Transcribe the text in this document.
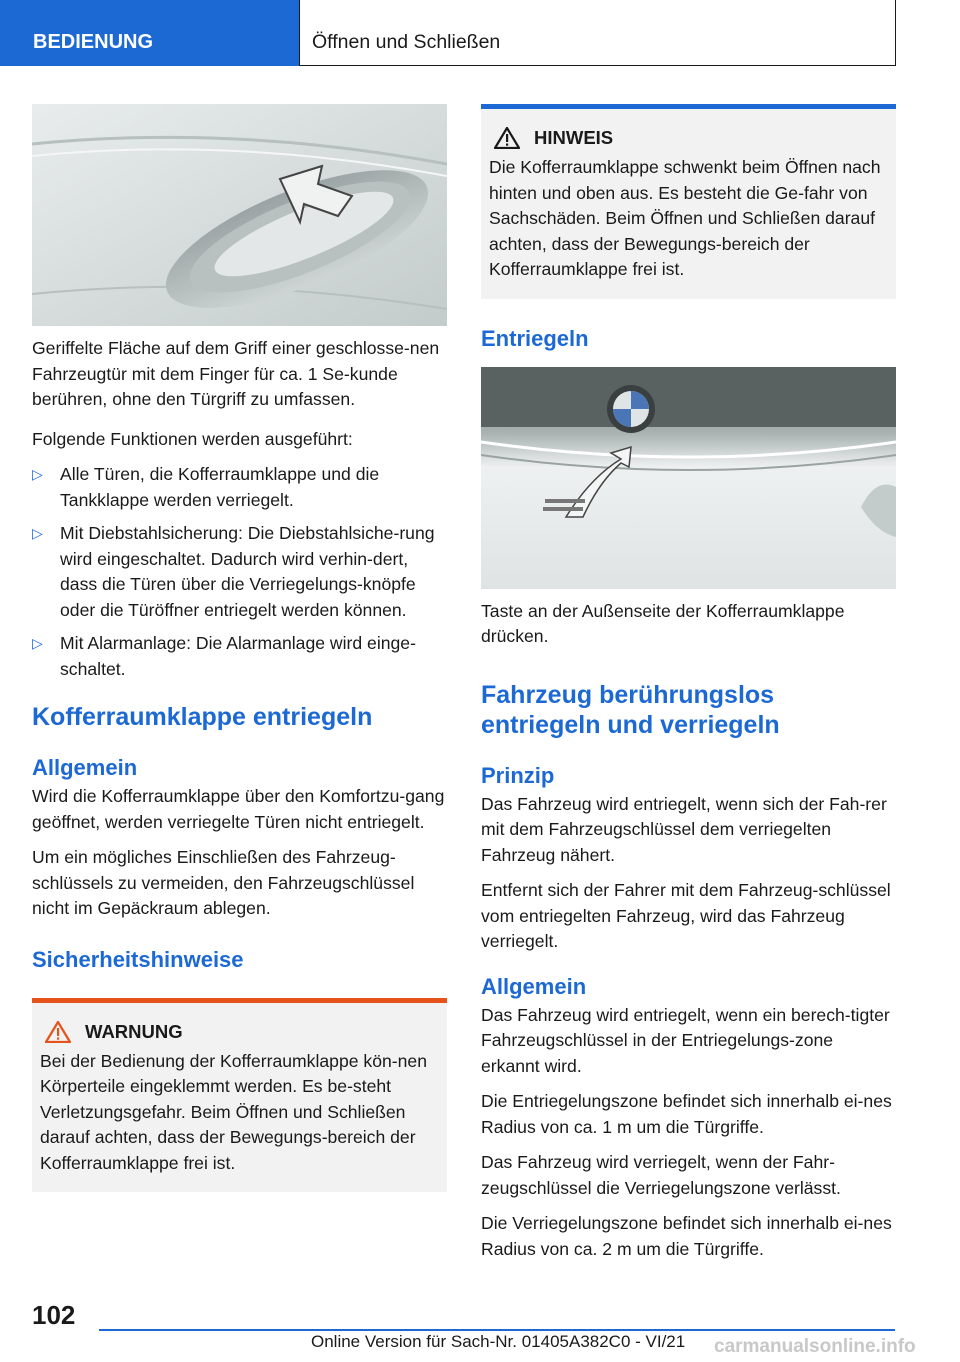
BEDIENUNG	Öffnen und Schließen

Geriffelte Fläche auf dem Griff einer geschlosse-nen Fahrzeugtür mit dem Finger für ca. 1 Se-kunde berühren, ohne den Türgriff zu umfassen.

Folgende Funktionen werden ausgeführt:

▷ Alle Türen, die Kofferraumklappe und die Tankklappe werden verriegelt.
▷ Mit Diebstahlsicherung: Die Diebstahlsiche-rung wird eingeschaltet. Dadurch wird verhin-dert, dass die Türen über die Verriegelungs-knöpfe oder die Türöffner entriegelt werden können.
▷ Mit Alarmanlage: Die Alarmanlage wird einge-schaltet.
Kofferraumklappe entriegeln
Allgemein

Wird die Kofferraumklappe über den Komfortzu-gang geöffnet, werden verriegelte Türen nicht entriegelt.

Um ein mögliches Einschließen des Fahrzeug-schlüssels zu vermeiden, den Fahrzeugschlüssel nicht im Gepäckraum ablegen.

Sicherheitshinweise
WARNUNG

Bei der Bedienung der Kofferraumklappe kön-nen Körperteile eingeklemmt werden. Es be-steht Verletzungsgefahr. Beim Öffnen und Schließen darauf achten, dass der Bewegungs-bereich der Kofferraumklappe frei ist.

HINWEIS

Die Kofferraumklappe schwenkt beim Öffnen nach hinten und oben aus. Es besteht die Ge-fahr von Sachschäden. Beim Öffnen und Schließen darauf achten, dass der Bewegungs-bereich der Kofferraumklappe frei ist.

Entriegeln

Taste an der Außenseite der Kofferraumklappe drücken.

Fahrzeug berührungslos entriegeln und verriegeln
Prinzip

Das Fahrzeug wird entriegelt, wenn sich der Fah-rer mit dem Fahrzeugschlüssel dem verriegelten Fahrzeug nähert.

Entfernt sich der Fahrer mit dem Fahrzeug-schlüssel vom entriegelten Fahrzeug, wird das Fahrzeug verriegelt.

Allgemein

Das Fahrzeug wird entriegelt, wenn ein berech-tigter Fahrzeugschlüssel in der Entriegelungs-zone erkannt wird.

Die Entriegelungszone befindet sich innerhalb ei-nes Radius von ca. 1 m um die Türgriffe.

Das Fahrzeug wird verriegelt, wenn der Fahr-zeugschlüssel die Verriegelungszone verlässt.

Die Verriegelungszone befindet sich innerhalb ei-nes Radius von ca. 2 m um die Türgriffe.

102
carmanualsonline.info
Online Version für Sach-Nr. 01405A382C0 - VI/21
